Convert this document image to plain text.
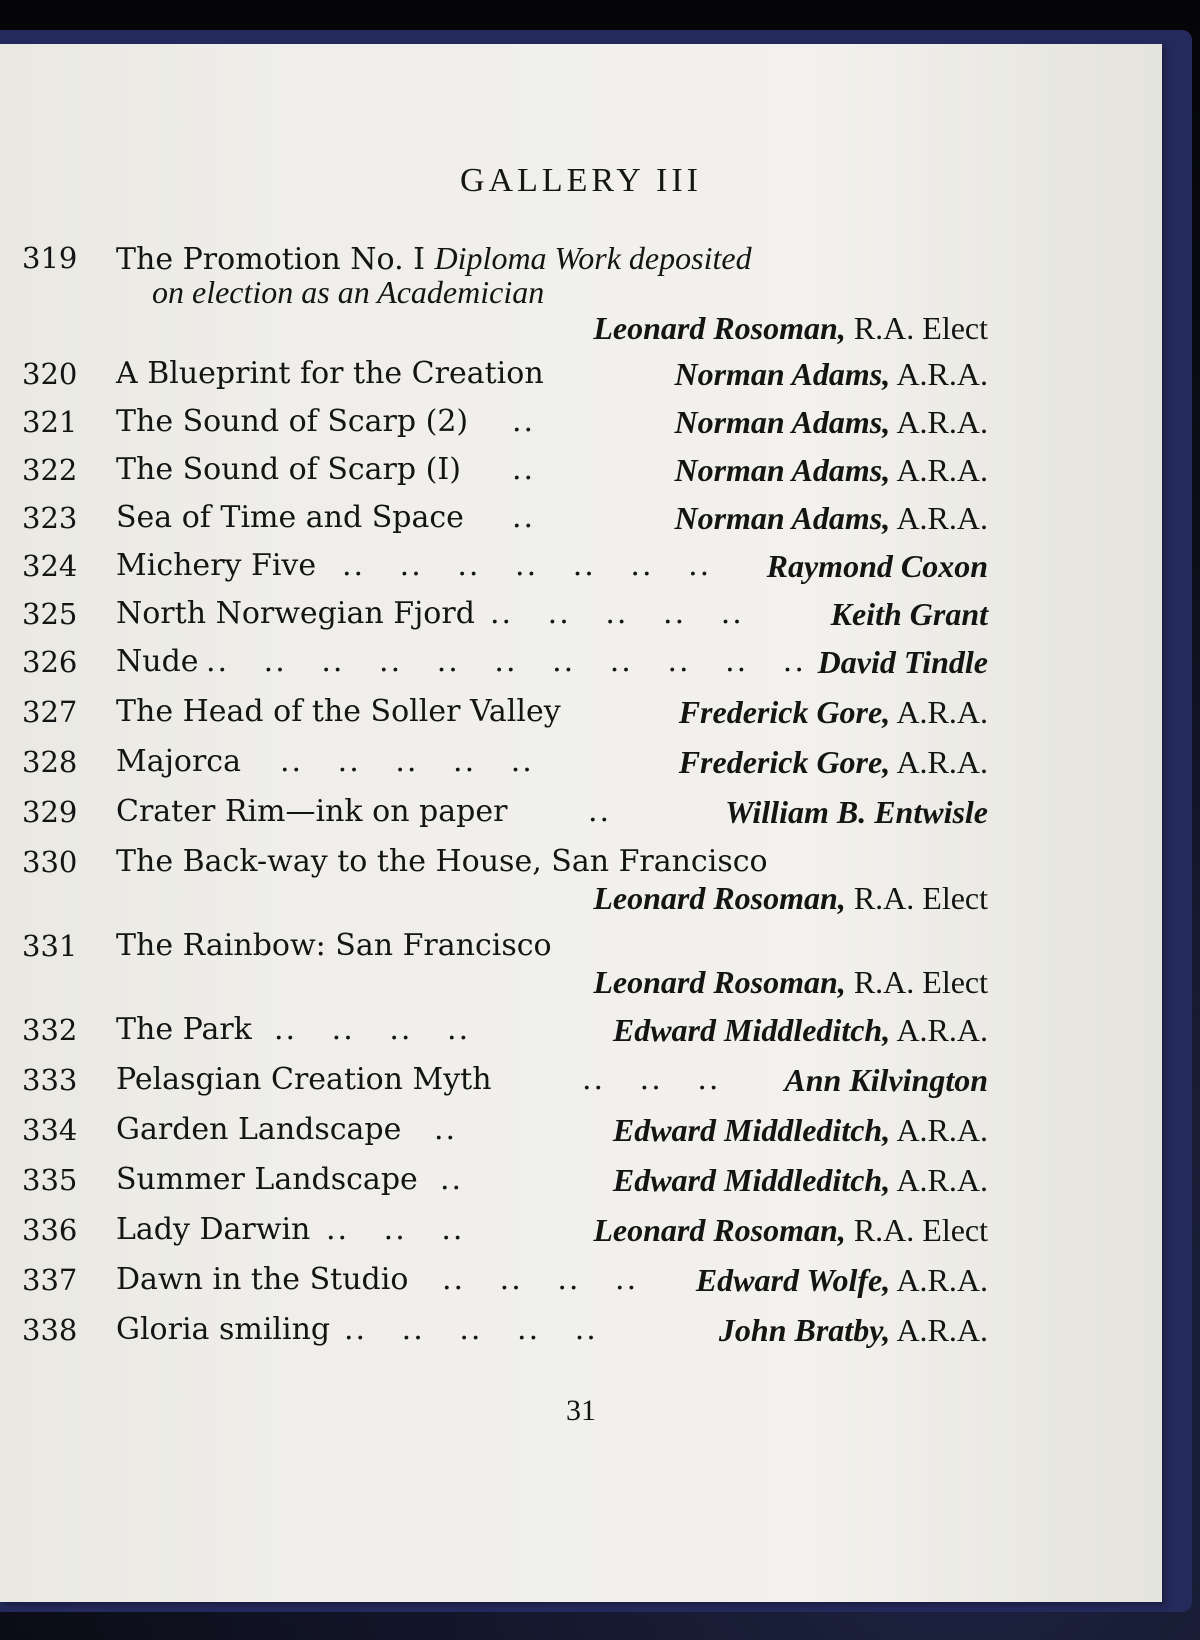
GALLERY III
319	The Promotion No. I Diploma Work deposited
on election as an Academician
Leonard Rosoman, R.A. Elect
320	A Blueprint for the Creation	Norman Adams, A.R.A.
321	The Sound of Scarp (2) ..	Norman Adams, A.R.A.
322	The Sound of Scarp (I) ..	Norman Adams, A.R.A.
323	Sea of Time and Space ..	Norman Adams, A.R.A.
324	Michery Five ..   ..   ..   ..   ..   ..   .. Raymond Coxon
325	North Norwegian Fjord ..   ..   ..   ..   ..	Keith Grant
326	Nude ..   ..   ..   ..   ..   ..   ..   ..   ..   ..   .. David Tindle
327	The Head of the Soller Valley	Frederick Gore, A.R.A.
328	Majorca ..   ..   ..   ..   ..	Frederick Gore, A.R.A.
329	Crater Rim—ink on paper	..	William B. Entwisle
330	The Back-way to the House, San Francisco
Leonard Rosoman, R.A. Elect
331	The Rainbow: San Francisco
Leonard Rosoman, R.A. Elect
332	The Park ..   ..   ..   ..	Edward Middleditch, A.R.A.
333	Pelasgian Creation Myth	..   ..   .. Ann Kilvington
334	Garden Landscape ..	Edward Middleditch, A.R.A.
335	Summer Landscape ..	Edward Middleditch, A.R.A.
336	Lady Darwin ..   ..   ..	Leonard Rosoman, R.A. Elect
337	Dawn in the Studio ..   ..   ..   .. Edward Wolfe, A.R.A.
338	Gloria smiling ..   ..   ..   ..   ..	John Bratby, A.R.A.
31
